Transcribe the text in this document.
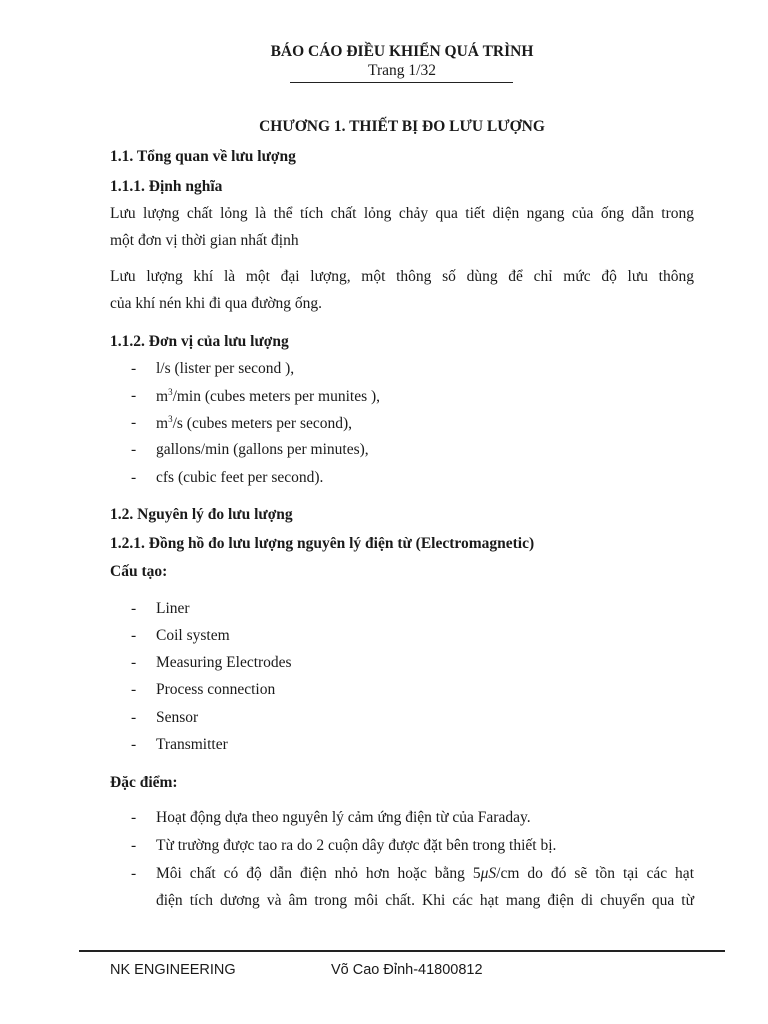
BÁO CÁO ĐIỀU KHIỂN QUÁ TRÌNH
Trang 1/32
CHƯƠNG 1. THIẾT BỊ ĐO LƯU LƯỢNG
1.1. Tổng quan về lưu lượng
1.1.1. Định nghĩa
Lưu lượng chất lỏng là thể tích chất lỏng chảy qua tiết diện ngang của ống dẫn trong
một đơn vị thời gian nhất định
Lưu lượng khí là một đại lượng, một thông số dùng để chỉ mức độ lưu thông
của khí nén khi đi qua đường ống.
1.1.2. Đơn vị của lưu lượng
- l/s (lister per second ),
- $m^3/\min$ (cubes meters per munites ),
- $m^3/s$ (cubes meters per second),
- gallons/min (gallons per minutes),
- cfs (cubic feet per second).
1.2. Nguyên lý đo lưu lượng
1.2.1. Đồng hồ đo lưu lượng nguyên lý điện từ (Electromagnetic)
Cấu tạo:
- Liner
- Coil system
- Measuring Electrodes
- Process connection
- Sensor
- Transmitter
Đặc điểm:
- Hoạt động dựa theo nguyên lý cảm ứng điện từ của Faraday.
- Từ trường được tao ra do 2 cuộn dây được đặt bên trong thiết bị.
- Môi chất có độ dẫn điện nhỏ hơn hoặc bằng 5μS/cm do đó sẽ tồn tại các hạt
điện tích dương và âm trong môi chất. Khi các hạt mang điện di chuyển qua từ
NK ENGINEERING	Võ Cao Đỉnh-41800812
